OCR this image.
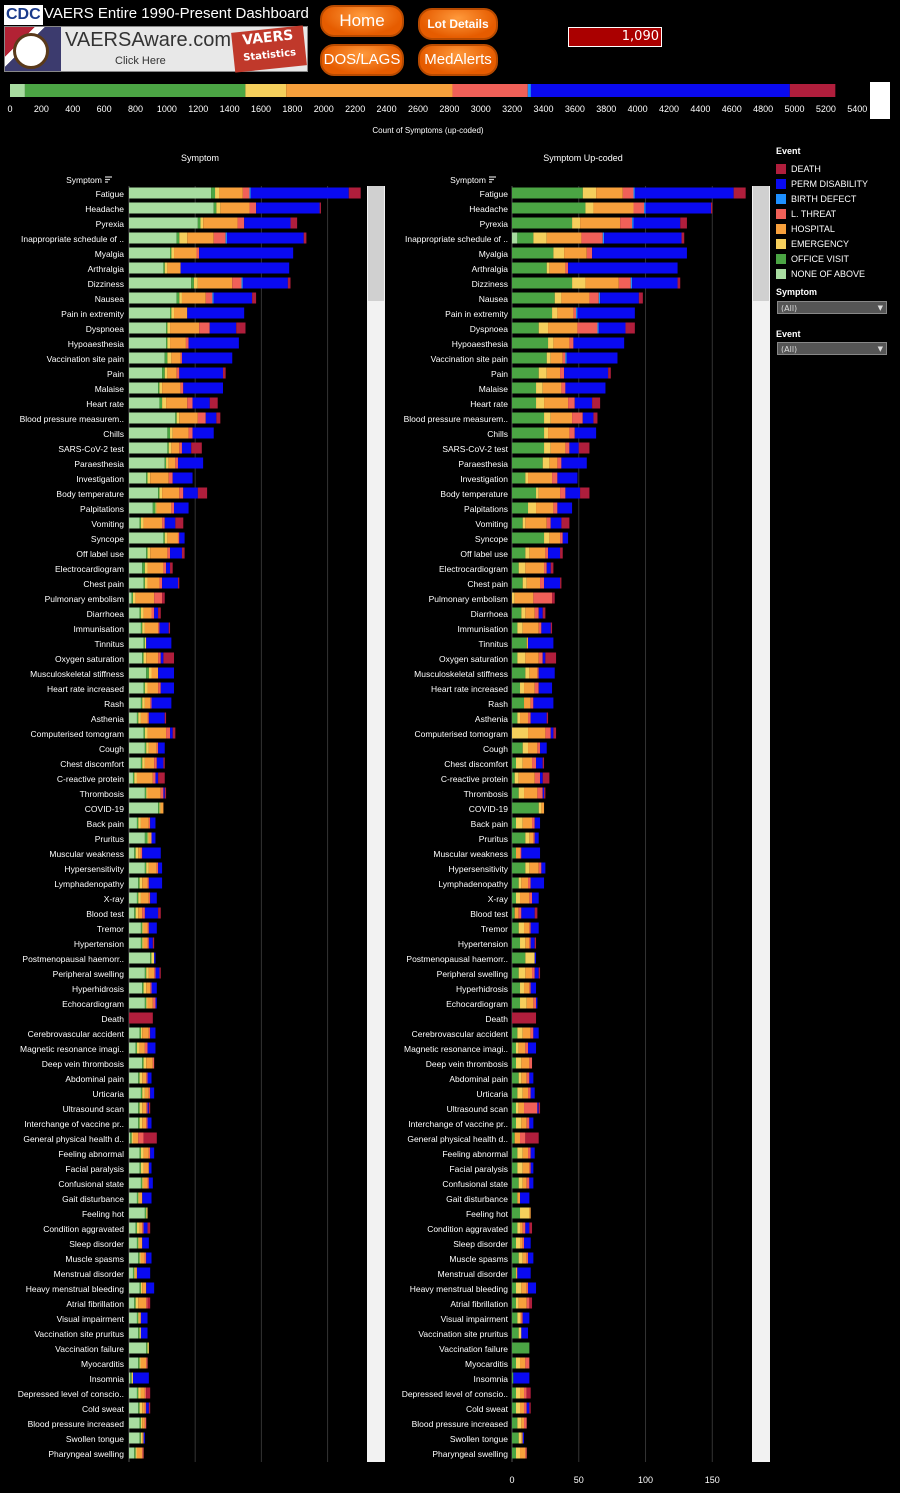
CDC VAERS Entire 1990-Present Dashboard
VAERSAware.com
Click Here
VAERS
Statistics
Home	Lot Details
DOS/LAGS	MedAlerts
1,090
0 200 400 600 800 1000 1200 1400 1600 1800 2000 2200 2400 2600 2800 3000 3200 3400 3600 3800 4000 4200 4400 4600 4800 5000 5200 5400
Count of Symptoms (up-coded)
Symptom
Symptom
Fatigue
Headache
Pyrexia
Inappropriate schedule of ..
Myalgia
Arthralgia
Dizziness
Nausea
Pain in extremity
Dyspnoea
Hypoaesthesia
Vaccination site pain
Pain
Malaise
Heart rate
Blood pressure measurem..
Chills
SARS-CoV-2 test
Paraesthesia
Investigation
Body temperature
Palpitations
Vomiting
Syncope
Off label use
Electrocardiogram
Chest pain
Pulmonary embolism
Diarrhoea
Immunisation
Tinnitus
Oxygen saturation
Musculoskeletal stiffness
Heart rate increased
Rash
Asthenia
Computerised tomogram
Cough
Chest discomfort
C-reactive protein
Thrombosis
COVID-19
Back pain
Pruritus
Muscular weakness
Hypersensitivity
Lymphadenopathy
X-ray
Blood test
Tremor
Hypertension
Postmenopausal haemorr..
Peripheral swelling
Hyperhidrosis
Echocardiogram
Death
Cerebrovascular accident
Magnetic resonance imagi..
Deep vein thrombosis
Abdominal pain
Urticaria
Ultrasound scan
Interchange of vaccine pr..
General physical health d..
Feeling abnormal
Facial paralysis
Confusional state
Gait disturbance
Feeling hot
Condition aggravated
Sleep disorder
Muscle spasms
Menstrual disorder
Heavy menstrual bleeding
Atrial fibrillation
Visual impairment
Vaccination site pruritus
Vaccination failure
Myocarditis
Insomnia
Depressed level of conscio..
Cold sweat
Blood pressure increased
Swollen tongue
Pharyngeal swelling
Symptom Up-coded
Symptom
Fatigue
Headache
Pyrexia
Inappropriate schedule of ..
Myalgia
Arthralgia
Dizziness
Nausea
Pain in extremity
Dyspnoea
Hypoaesthesia
Vaccination site pain
Pain
Malaise
Heart rate
Blood pressure measurem..
Chills
SARS-CoV-2 test
Paraesthesia
Investigation
Body temperature
Palpitations
Vomiting
Syncope
Off label use
Electrocardiogram
Chest pain
Pulmonary embolism
Diarrhoea
Immunisation
Tinnitus
Oxygen saturation
Musculoskeletal stiffness
Heart rate increased
Rash
Asthenia
Computerised tomogram
Cough
Chest discomfort
C-reactive protein
Thrombosis
COVID-19
Back pain
Pruritus
Muscular weakness
Hypersensitivity
Lymphadenopathy
X-ray
Blood test
Tremor
Hypertension
Postmenopausal haemorr..
Peripheral swelling
Hyperhidrosis
Echocardiogram
Death
Cerebrovascular accident
Magnetic resonance imagi..
Deep vein thrombosis
Abdominal pain
Urticaria
Ultrasound scan
Interchange of vaccine pr..
General physical health d..
Feeling abnormal
Facial paralysis
Confusional state
Gait disturbance
Feeling hot
Condition aggravated
Sleep disorder
Muscle spasms
Menstrual disorder
Heavy menstrual bleeding
Atrial fibrillation
Visual impairment
Vaccination site pruritus
Vaccination failure
Myocarditis
Insomnia
Depressed level of conscio..
Cold sweat
Blood pressure increased
Swollen tongue
Pharyngeal swelling
0	50	100	150
Event
DEATH
PERM DISABILITY
BIRTH DEFECT
L. THREAT
HOSPITAL
EMERGENCY
OFFICE VISIT
NONE OF ABOVE
Symptom
(All)	▼
Event
(All)	▼
